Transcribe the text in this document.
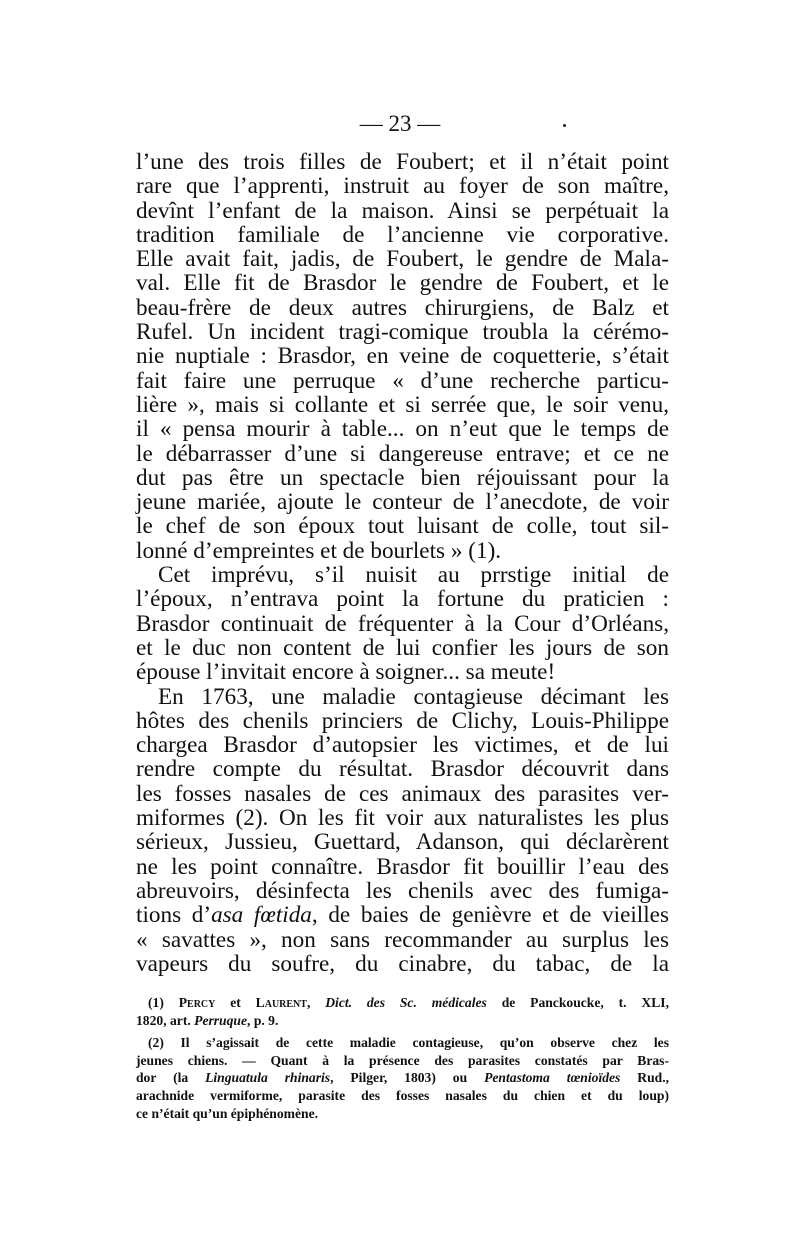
— 23 —
l’une des trois filles de Foubert; et il n’était point
rare que l’apprenti, instruit au foyer de son maître,
devînt l’enfant de la maison. Ainsi se perpétuait la
tradition familiale de l’ancienne vie corporative.
Elle avait fait, jadis, de Foubert, le gendre de Mala-
val. Elle fit de Brasdor le gendre de Foubert, et le
beau-frère de deux autres chirurgiens, de Balz et
Rufel. Un incident tragi-comique troubla la cérémo-
nie nuptiale : Brasdor, en veine de coquetterie, s’était
fait faire une perruque « d’une recherche particu-
lière », mais si collante et si serrée que, le soir venu,
il « pensa mourir à table... on n’eut que le temps de
le débarrasser d’une si dangereuse entrave; et ce ne
dut pas être un spectacle bien réjouissant pour la
jeune mariée, ajoute le conteur de l’anecdote, de voir
le chef de son époux tout luisant de colle, tout sil-
lonné d’empreintes et de bourlets » (1).
Cet imprévu, s’il nuisit au prrstige initial de
l’époux, n’entrava point la fortune du praticien :
Brasdor continuait de fréquenter à la Cour d’Orléans,
et le duc non content de lui confier les jours de son
épouse l’invitait encore à soigner... sa meute!
En 1763, une maladie contagieuse décimant les
hôtes des chenils princiers de Clichy, Louis-Philippe
chargea Brasdor d’autopsier les victimes, et de lui
rendre compte du résultat. Brasdor découvrit dans
les fosses nasales de ces animaux des parasites ver-
miformes (2). On les fit voir aux naturalistes les plus
sérieux, Jussieu, Guettard, Adanson, qui déclarèrent
ne les point connaître. Brasdor fit bouillir l’eau des
abreuvoirs, désinfecta les chenils avec des fumiga-
tions d’asa fœtida, de baies de genièvre et de vieilles
« savattes », non sans recommander au surplus les
vapeurs du soufre, du cinabre, du tabac, de la
(1) Percy et Laurent, Dict. des Sc. médicales de Panckoucke, t. XLI,
1820, art. Perruque, p. 9.
(2) Il s’agissait de cette maladie contagieuse, qu’on observe chez les
jeunes chiens. — Quant à la présence des parasites constatés par Bras-
dor (la Linguatula rhinaris, Pilger, 1803) ou Pentastoma tœnioïdes Rud.,
arachnide vermiforme, parasite des fosses nasales du chien et du loup)
ce n’était qu’un épiphénomène.
